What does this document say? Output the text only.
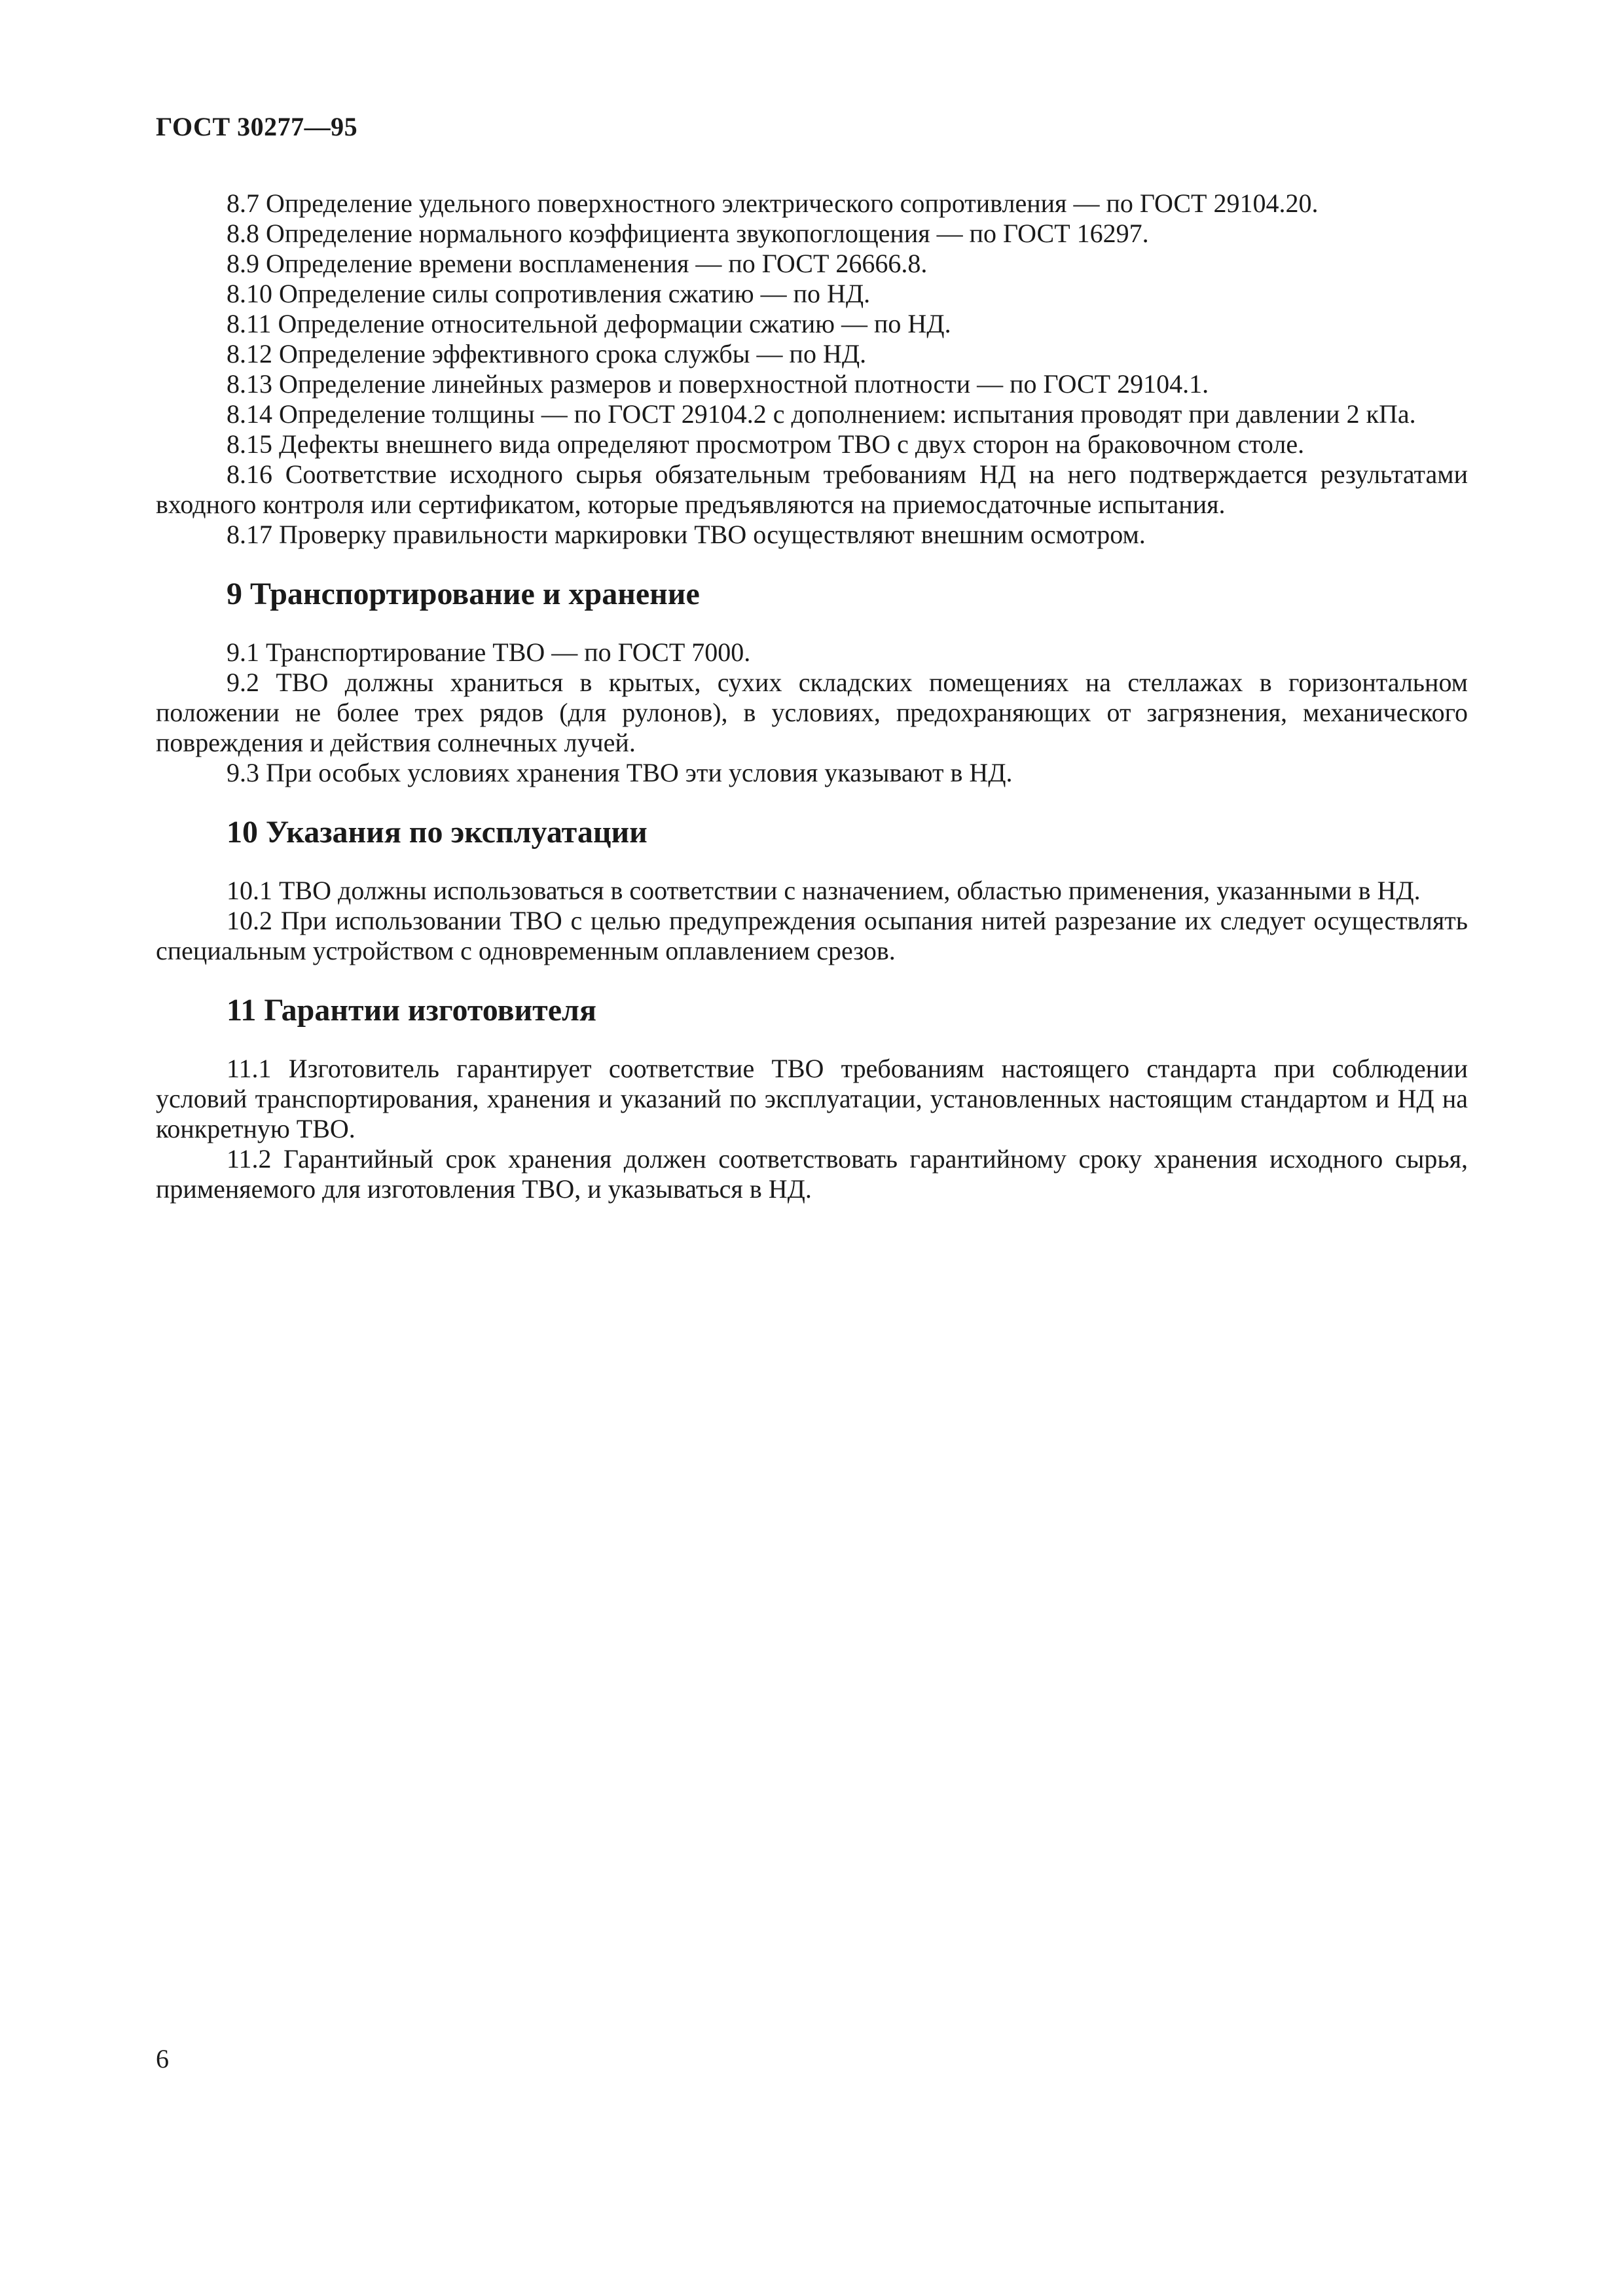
ГОСТ 30277—95

8.7 Определение удельного поверхностного электрического сопротивления — по ГОСТ 29104.20.

8.8 Определение нормального коэффициента звукопоглощения — по ГОСТ 16297.

8.9 Определение времени воспламенения — по ГОСТ 26666.8.

8.10 Определение силы сопротивления сжатию — по НД.

8.11 Определение относительной деформации сжатию — по НД.

8.12 Определение эффективного срока службы — по НД.

8.13 Определение линейных размеров и поверхностной плотности — по ГОСТ 29104.1.

8.14 Определение толщины — по ГОСТ 29104.2 с дополнением: испытания проводят при давлении 2 кПа.

8.15 Дефекты внешнего вида определяют просмотром ТВО с двух сторон на браковочном столе.

8.16 Соответствие исходного сырья обязательным требованиям НД на него подтверждается результатами входного контроля или сертификатом, которые предъявляются на приемосдаточные испытания.

8.17 Проверку правильности маркировки ТВО осуществляют внешним осмотром.

9 Транспортирование и хранение

9.1 Транспортирование ТВО — по ГОСТ 7000.

9.2 ТВО должны храниться в крытых, сухих складских помещениях на стеллажах в горизонтальном положении не более трех рядов (для рулонов), в условиях, предохраняющих от загрязнения, механического повреждения и действия солнечных лучей.

9.3 При особых условиях хранения ТВО эти условия указывают в НД.

10 Указания по эксплуатации

10.1 ТВО должны использоваться в соответствии с назначением, областью применения, указанными в НД.

10.2 При использовании ТВО с целью предупреждения осыпания нитей разрезание их следует осуществлять специальным устройством с одновременным оплавлением срезов.

11 Гарантии изготовителя

11.1 Изготовитель гарантирует соответствие ТВО требованиям настоящего стандарта при соблюдении условий транспортирования, хранения и указаний по эксплуатации, установленных настоящим стандартом и НД на конкретную ТВО.

11.2 Гарантийный срок хранения должен соответствовать гарантийному сроку хранения исходного сырья, применяемого для изготовления ТВО, и указываться в НД.

6
